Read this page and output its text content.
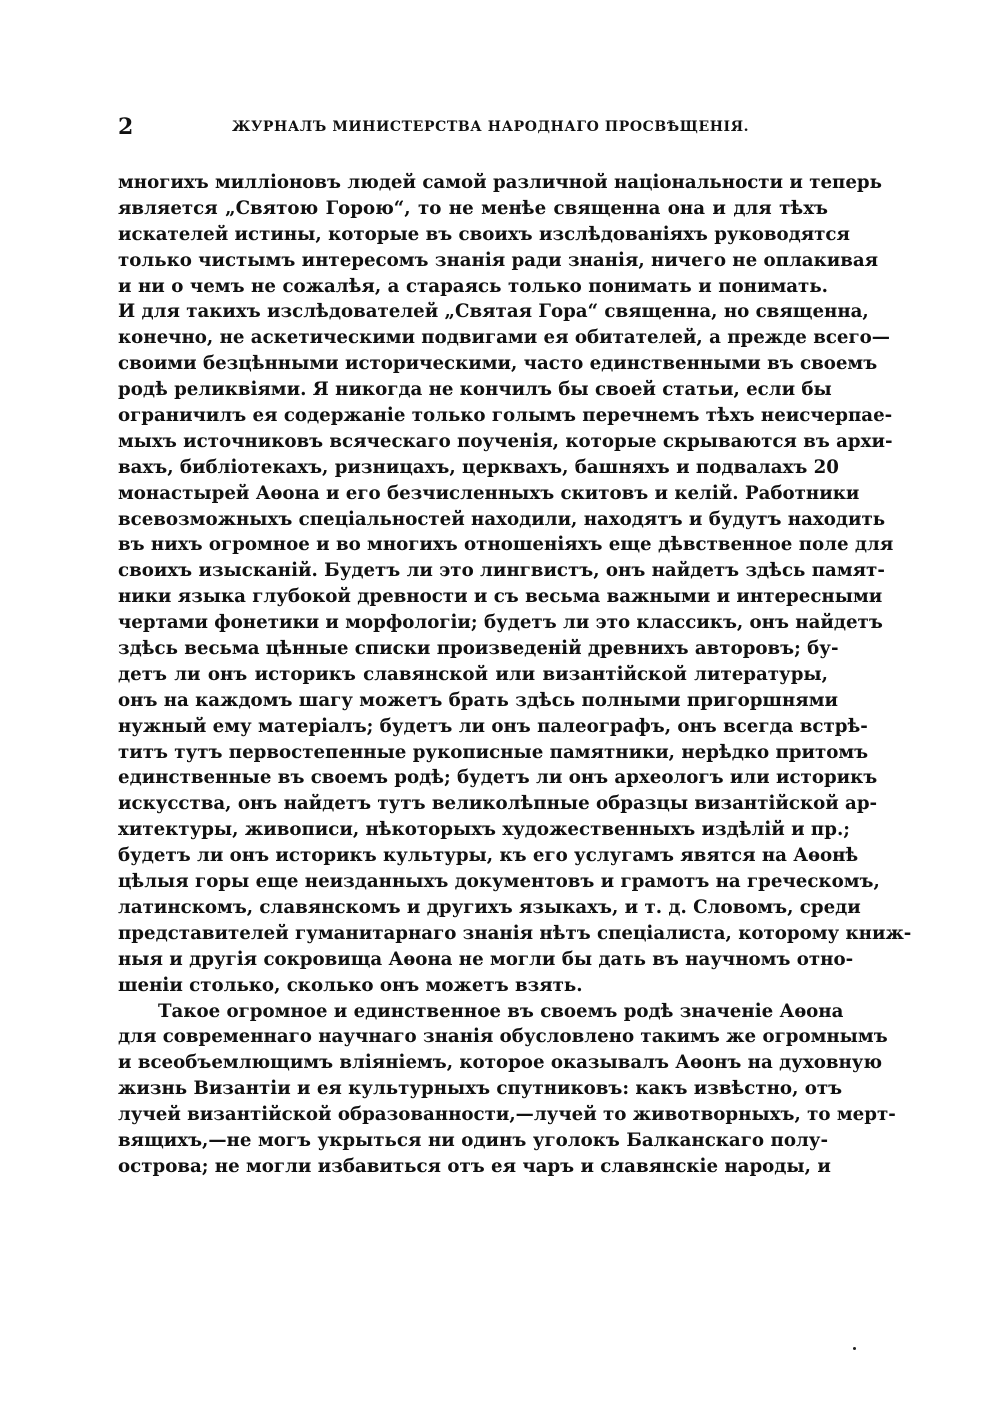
2	ЖУРНАЛЪ МИНИСТЕРСТВА НАРОДНАГО ПРОСВѢЩЕНІЯ.
многихъ милліоновъ людей самой различной національности и теперь
является „Святою Горою“, то не менѣе священна она и для тѣхъ
искателей истины, которые въ своихъ изслѣдованіяхъ руководятся
только чистымъ интересомъ знанія ради знанія, ничего не оплакивая
и ни о чемъ не сожалѣя, а стараясь только понимать и понимать.
И для такихъ изслѣдователей „Святая Гора“ священна, но священна,
конечно, не аскетическими подвигами ея обитателей, а прежде всего—
своими безцѣнными историческими, часто единственными въ своемъ
родѣ реликвіями. Я никогда не кончилъ бы своей статьи, если бы
ограничилъ ея содержаніе только голымъ перечнемъ тѣхъ неисчерпае-
мыхъ источниковъ всяческаго поученія, которые скрываются въ архи-
вахъ, библіотекахъ, ризницахъ, церквахъ, башняхъ и подвалахъ 20
монастырей Аѳона и его безчисленныхъ скитовъ и келій. Работники
всевозможныхъ спеціальностей находили, находятъ и будутъ находить
въ нихъ огромное и во многихъ отношеніяхъ еще дѣвственное поле для
своихъ изысканій. Будетъ ли это лингвистъ, онъ найдетъ здѣсь памят-
ники языка глубокой древности и съ весьма важными и интересными
чертами фонетики и морфологіи; будетъ ли это классикъ, онъ найдетъ
здѣсь весьма цѣнные списки произведеній древнихъ авторовъ; бу-
детъ ли онъ историкъ славянской или византійской литературы,
онъ на каждомъ шагу можетъ брать здѣсь полными пригоршнями
нужный ему матеріалъ; будетъ ли онъ палеографъ, онъ всегда встрѣ-
титъ тутъ первостепенные рукописные памятники, нерѣдко притомъ
единственные въ своемъ родѣ; будетъ ли онъ археологъ или историкъ
искусства, онъ найдетъ тутъ великолѣпные образцы византійской ар-
хитектуры, живописи, нѣкоторыхъ художественныхъ издѣлій и пр.;
будетъ ли онъ историкъ культуры, къ его услугамъ явятся на Аѳонѣ
цѣлыя горы еще неизданныхъ документовъ и грамотъ на греческомъ,
латинскомъ, славянскомъ и другихъ языкахъ, и т. д. Словомъ, среди
представителей гуманитарнаго знанія нѣтъ спеціалиста, которому книж-
ныя и другія сокровища Аѳона не могли бы дать въ научномъ отно-
шеніи столько, сколько онъ можетъ взять.
Такое огромное и единственное въ своемъ родѣ значеніе Аѳона
для современнаго научнаго знанія обусловлено такимъ же огромнымъ
и всеобъемлющимъ вліяніемъ, которое оказывалъ Аѳонъ на духовную
жизнь Византіи и ея культурныхъ спутниковъ: какъ извѣстно, отъ
лучей византійской образованности,—лучей то животворныхъ, то мерт-
вящихъ,—не могъ укрыться ни одинъ уголокъ Балканскаго полу-
острова; не могли избавиться отъ ея чаръ и славянскіе народы, и
